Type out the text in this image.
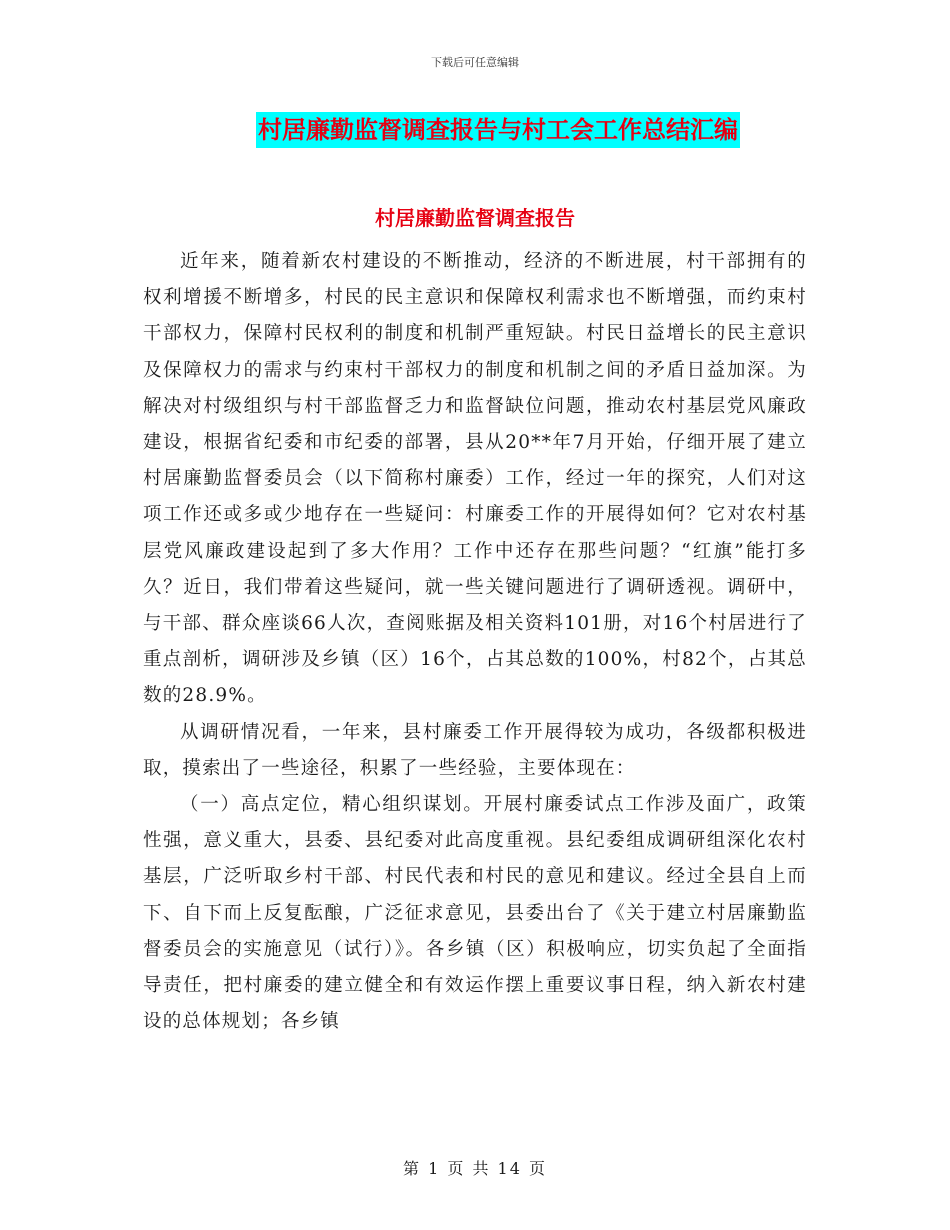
下载后可任意编辑
村居廉勤监督调查报告与村工会工作总结汇编
村居廉勤监督调查报告

近年来，随着新农村建设的不断推动，经济的不断进展，村干部拥有的权利增援不断增多，村民的民主意识和保障权利需求也不断增强，而约束村干部权力，保障村民权利的制度和机制严重短缺。村民日益增长的民主意识及保障权力的需求与约束村干部权力的制度和机制之间的矛盾日益加深。为解决对村级组织与村干部监督乏力和监督缺位问题，推动农村基层党风廉政建设，根据省纪委和市纪委的部署，县从20**年7月开始，仔细开展了建立村居廉勤监督委员会（以下简称村廉委）工作，经过一年的探究，人们对这项工作还或多或少地存在一些疑问：村廉委工作的开展得如何？它对农村基层党风廉政建设起到了多大作用？工作中还存在那些问题？“红旗”能打多久？近日，我们带着这些疑问，就一些关键问题进行了调研透视。调研中，与干部、群众座谈66人次，查阅账据及相关资料101册，对16个村居进行了重点剖析，调研涉及乡镇（区）16个，占其总数的100%，村82个，占其总数的28.9%。

从调研情况看，一年来，县村廉委工作开展得较为成功，各级都积极进取，摸索出了一些途径，积累了一些经验，主要体现在：

（一）高点定位，精心组织谋划。开展村廉委试点工作涉及面广，政策性强，意义重大，县委、县纪委对此高度重视。县纪委组成调研组深化农村基层，广泛听取乡村干部、村民代表和村民的意见和建议。经过全县自上而下、自下而上反复酝酿，广泛征求意见，县委出台了《关于建立村居廉勤监督委员会的实施意见（试行）》。各乡镇（区）积极响应，切实负起了全面指导责任，把村廉委的建立健全和有效运作摆上重要议事日程，纳入新农村建设的总体规划；各乡镇

第 1 页 共 14 页
